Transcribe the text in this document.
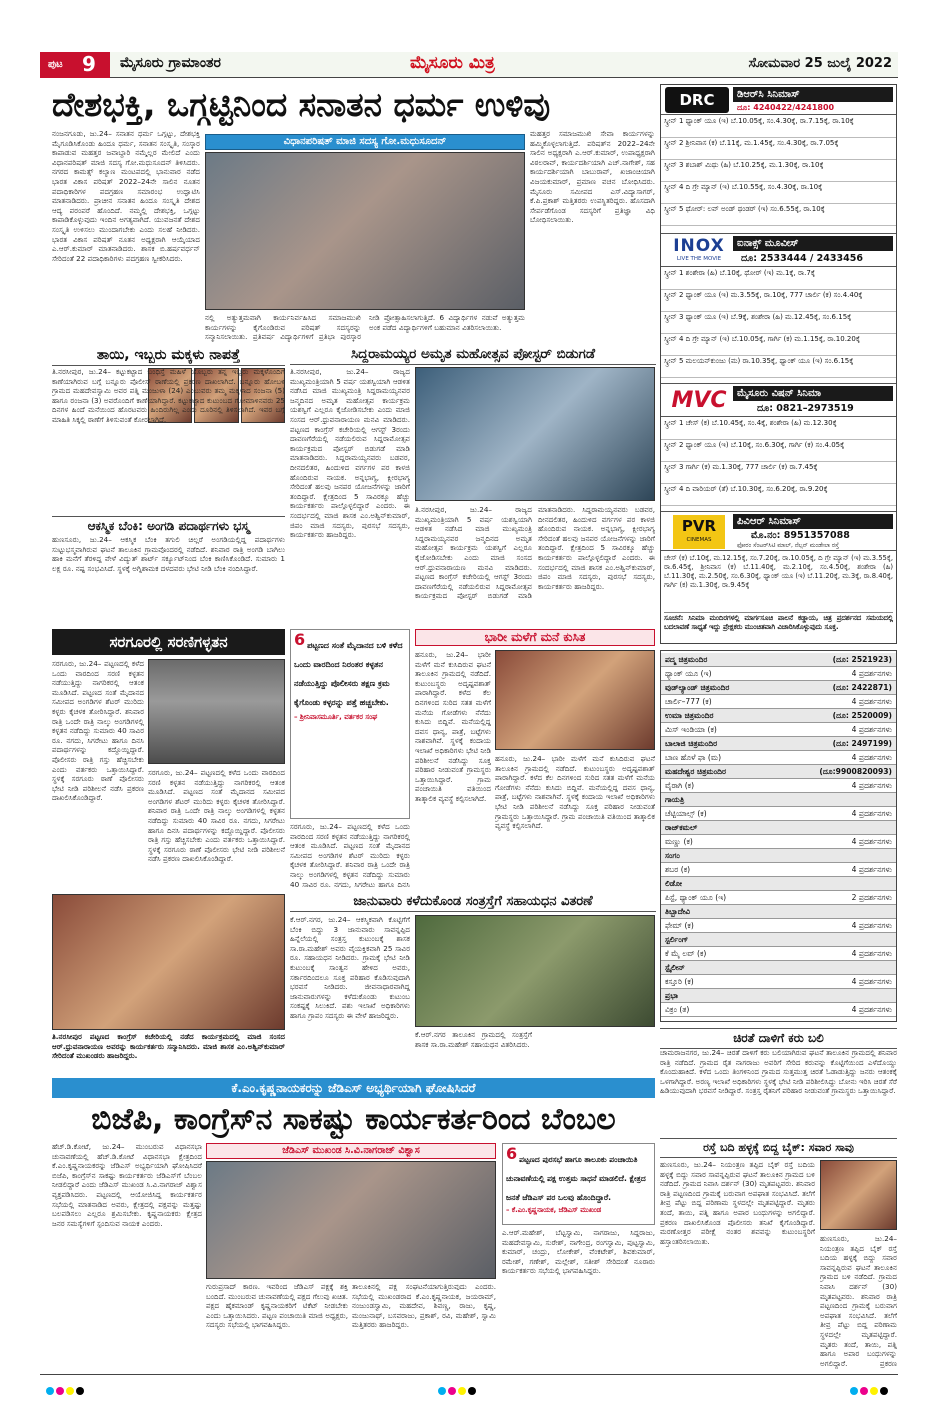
ಪುಟ 9 ಮೈಸೂರು ಗ್ರಾಮಾಂತರ	ಮೈಸೂರು ಮಿತ್ರ	ಸೋಮವಾರ 25 ಜುಲೈ 2022
ದೇಶಭಕ್ತಿ, ಒಗ್ಗಟ್ಟಿನಿಂದ ಸನಾತನ ಧರ್ಮ ಉಳಿವು
ವಿಧಾನಪರಿಷತ್ ಮಾಜಿ ಸದಸ್ಯ ಗೋ.ಮಧುಸೂದನ್
ನಂಜನಗೂಡು, ಜು.24– ಸನಾತನ ಧರ್ಮ ಒಗ್ಗಟ್ಟು, ದೇಶಭಕ್ತಿ ಮೈಗೂಡಿಸಿಕೊಂಡು ಹಿಂದೂ ಧರ್ಮ, ಸನಾತನ ಸಂಸ್ಕೃತಿ, ಸಂಸ್ಕಾರ ಕಾಪಾಡುವ ಮಹತ್ತರ ಜವಾಬ್ದಾರಿ ನಮ್ಮೆಲ್ಲರ ಮೇಲಿದೆ ಎಂದು ವಿಧಾನಪರಿಷತ್ ಮಾಜಿ ಸದಸ್ಯ ಗೋ.ಮಧುಸೂದನ್ ತಿಳಿಸಿದರು. ನಗರದ ಕಾಮತ್ಸ್ ಕಲ್ಯಾಣ ಮಂಟಪದಲ್ಲಿ ಭಾನುವಾರ ನಡೆದ ಭಾರತ ವಿಕಾಸ ಪರಿಷತ್ 2022–24ನೇ ಸಾಲಿನ ನೂತನ ಪದಾಧಿಕಾರಿಗಳ ಪದಗ್ರಹಣ ಸಮಾರಂಭ ಉದ್ಘಾಟಿಸಿ ಮಾತನಾಡಿದರು. ಪ್ರಾಚೀನ ಸನಾತನ ಹಿಂದೂ ಸಂಸ್ಕೃತಿ ದೇಶದ ಆದ್ಯ ಪರಂಪರೆ ಹೊಂದಿದೆ. ನಮ್ಮಲ್ಲಿ ದೇಶಭಕ್ತಿ, ಒಗ್ಗಟ್ಟು ಕಾಪಾಡಿಕೊಳ್ಳುವುದು ಇಂದಿನ ಅಗತ್ಯವಾಗಿದೆ. ಯುವಜನತೆ ದೇಶದ ಸಂಸ್ಕೃತಿ ಉಳಿಸಲು ಮುಂದಾಗಬೇಕು ಎಂದು ಸಲಹೆ ನೀಡಿದರು. ಭಾರತ ವಿಕಾಸ ಪರಿಷತ್ ನೂತನ ಅಧ್ಯಕ್ಷರಾಗಿ ಆಯ್ಕೆಯಾದ ಎ.ಆರ್.ಕುಮಾರ್ ಮಾತನಾಡಿದರು. ಶಾಸಕ ಬಿ.ಹರ್ಷವರ್ಧನ್ ಸೇರಿದಂತೆ 22 ಪದಾಧಿಕಾರಿಗಳು ಪದಗ್ರಹಣ ಸ್ವೀಕರಿಸಿದರು.
ನಲ್ಲಿ ಅತ್ಯುತ್ತಮವಾಗಿ ಕಾರ್ಯನಿರ್ವಹಿಸಿದ ಸಮಾಜಮುಖಿ ಕಾರ್ಯಗಳನ್ನು ಕೈಗೊಂಡಿರುವ ಪರಿಷತ್ ಸದಸ್ಯರನ್ನು ಸನ್ಮಾನಿಸಲಾಯಿತು. ಪ್ರತಿವರ್ಷ ವಿದ್ಯಾರ್ಥಿಗಳಿಗೆ ಪ್ರತಿಭಾ ಪುರಸ್ಕಾರ ನೀಡಿ ಪ್ರೋತ್ಸಾಹಿಸಲಾಗುತ್ತಿದೆ. 6 ವಿದ್ಯಾರ್ಥಿಗಳ ನಡುವೆ ಅತ್ಯುತ್ತಮ ಅಂಕ ಪಡೆದ ವಿದ್ಯಾರ್ಥಿಗಳಿಗೆ ಬಹುಮಾನ ವಿತರಿಸಲಾಯಿತು.
ಮಹತ್ತರ ಸಮಾಜಮುಖಿ ಸೇವಾ ಕಾರ್ಯಗಳನ್ನು ಹಮ್ಮಿಕೊಳ್ಳಲಾಗುತ್ತಿದೆ. ಪರಿಷತ್‌ನ 2022–24ನೇ ಸಾಲಿನ ಅಧ್ಯಕ್ಷರಾಗಿ ಎ.ಆರ್.ಕುಮಾರ್, ಉಪಾಧ್ಯಕ್ಷರಾಗಿ ವಿಠಲರಾವ್, ಕಾರ್ಯದರ್ಶಿಯಾಗಿ ಎಚ್.ನಾಗೇಶ್, ಸಹ ಕಾರ್ಯದರ್ಶಿಯಾಗಿ ಬಾಬುರಾವ್, ಖಜಾಂಚಿಯಾಗಿ ವಿಜಯಕುಮಾರ್, ಪ್ರಮಾಣ ವಚನ ಬೋಧಿಸಿದರು. ಮೈಸೂರು ಸಮೀಪದ ಎಸ್.ವಿದ್ಯಾಸಾಗರ್, ಕೆ.ಪಿ.ಪ್ರಕಾಶ್ ಮತ್ತಿತರರು ಉಪಸ್ಥಿತರಿದ್ದರು. ಹೊಸದಾಗಿ ಸೇರ್ಪಡೆಗೊಂಡ ಸದಸ್ಯರಿಗೆ ಪ್ರತಿಜ್ಞಾ ವಿಧಿ ಬೋಧಿಸಲಾಯಿತು.
ತಾಯಿ, ಇಬ್ಬರು ಮಕ್ಕಳು ನಾಪತ್ತೆ
ತಿ.ನರಸೀಪುರ, ಜು.24– ಕಟ್ಟುಕಟ್ಟಾದ ಬಂಧಿಸ್ತೆ ಮಹಿಳೆ ಯೊಬ್ಬರು ತನ್ನ ಇಬ್ಬರು ಮಕ್ಕಳೊಂದಿಗೆ ಕಾಣೆಯಾಗಿರುವ ಬಗ್ಗೆ ಬನ್ನೂರು ಪೊಲೀಸ್ ಠಾಣೆಯಲ್ಲಿ ಪ್ರಕರಣ ದಾಖಲಾಗಿದೆ. ಬನ್ನೂರು ಹೋಬಳಿ ಗ್ರಾಮದ ಮಹದೇವಸ್ವಾಮಿ ಅವರ ಪತ್ನಿ ಮಂಜುಳಾ (24) ಎಂಬುವರು ತಮ್ಮ ಮಕ್ಕಳಾದ ಸಂಜನಾ (5) ಹಾಗೂ ರಂಜನಾ (3) ಅವರೊಂದಿಗೆ ಕಾಣೆಯಾಗಿದ್ದಾರೆ. ಕಟ್ಟುಕಟ್ಟಾದ ಕುಟುಂಬದ ಗೋಮಾಳಿನವರು 25 ದಿನಗಳ ಹಿಂದೆ ಮನೆಯಿಂದ ಹೊರಟವರು ಹಿಂದಿರುಗಿಲ್ಲ ಎಂದು ದೂರಿನಲ್ಲಿ ತಿಳಿಸಲಾಗಿದೆ. ಇವರ ಬಗ್ಗೆ ಮಾಹಿತಿ ಸಿಕ್ಕಲ್ಲಿ ಠಾಣೆಗೆ ತಿಳಿಸುವಂತೆ ಕೋರಲಾಗಿದೆ.
ಆಕಸ್ಮಿಕ ಬೆಂಕಿ: ಅಂಗಡಿ ಪದಾರ್ಥಗಳು ಭಸ್ಮ
ಹುಣಸೂರು, ಜು.24– ಆಕಸ್ಮಿಕ ಬೆಂಕಿ ತಗುಲಿ ಚಿಲ್ಲರೆ ಅಂಗಡಿಯಲ್ಲಿದ್ದ ಪದಾರ್ಥಗಳು ಸುಟ್ಟುಭಸ್ಮವಾಗಿರುವ ಘಟನೆ ತಾಲೂಕಿನ ಗ್ರಾಮವೊಂದರಲ್ಲಿ ನಡೆದಿದೆ. ಶನಿವಾರ ರಾತ್ರಿ ಅಂಗಡಿ ಬಾಗಿಲು ಹಾಕಿ ಮನೆಗೆ ತೆರಳಿದ್ದ ವೇಳೆ ವಿದ್ಯುತ್ ಶಾರ್ಟ್ ಸರ್ಕ್ಯೂಟ್‌ನಿಂದ ಬೆಂಕಿ ಕಾಣಿಸಿಕೊಂಡಿದೆ. ಸುಮಾರು 1 ಲಕ್ಷ ರೂ. ನಷ್ಟ ಸಂಭವಿಸಿದೆ. ಸ್ಥಳಕ್ಕೆ ಅಗ್ನಿಶಾಮಕ ದಳದವರು ಭೇಟಿ ನೀಡಿ ಬೆಂಕಿ ನಂದಿಸಿದ್ದಾರೆ.
ಸಿದ್ದರಾಮಯ್ಯರ ಅಮೃತ ಮಹೋತ್ಸವ ಪೋಸ್ಟರ್ ಬಿಡುಗಡೆ
ತಿ.ನರಸೀಪುರ, ಜು.24– ರಾಜ್ಯದ ಮುಖ್ಯಮಂತ್ರಿಯಾಗಿ 5 ವರ್ಷ ಯಶಸ್ವಿಯಾಗಿ ಆಡಳಿತ ನಡೆಸಿದ ಮಾಜಿ ಮುಖ್ಯಮಂತ್ರಿ ಸಿದ್ದರಾಮಯ್ಯನವರ ಜನ್ಮದಿನದ ಅಮೃತ ಮಹೋತ್ಸವ ಕಾರ್ಯಕ್ರಮ ಯಶಸ್ವಿಗೆ ಎಲ್ಲರೂ ಕೈಜೋಡಿಸಬೇಕು ಎಂದು ಮಾಜಿ ಸಂಸದ ಆರ್.ಧ್ರುವನಾರಾಯಣ ಮನವಿ ಮಾಡಿದರು. ಪಟ್ಟಣದ ಕಾಂಗ್ರೆಸ್ ಕಚೇರಿಯಲ್ಲಿ ಆಗಸ್ಟ್ 3ರಂದು ದಾವಣಗೆರೆಯಲ್ಲಿ ನಡೆಯಲಿರುವ ಸಿದ್ದರಾಮೋತ್ಸವ ಕಾರ್ಯಕ್ರಮದ ಪೋಸ್ಟರ್ ಬಿಡುಗಡೆ ಮಾಡಿ ಮಾತನಾಡಿದರು. ಸಿದ್ದರಾಮಯ್ಯನವರು ಬಡವರ, ದೀನದಲಿತರ, ಹಿಂದುಳಿದ ವರ್ಗಗಳ ಪರ ಕಾಳಜಿ ಹೊಂದಿರುವ ನಾಯಕ. ಅನ್ನಭಾಗ್ಯ, ಕ್ಷೀರಭಾಗ್ಯ ಸೇರಿದಂತೆ ಹಲವು ಜನಪರ ಯೋಜನೆಗಳನ್ನು ಜಾರಿಗೆ ತಂದಿದ್ದಾರೆ. ಕ್ಷೇತ್ರದಿಂದ 5 ಸಾವಿರಕ್ಕೂ ಹೆಚ್ಚು ಕಾರ್ಯಕರ್ತರು ಪಾಲ್ಗೊಳ್ಳಲಿದ್ದಾರೆ ಎಂದರು. ಈ ಸಂದರ್ಭದಲ್ಲಿ ಮಾಜಿ ಶಾಸಕ ಎಂ.ಅಶ್ವಿನ್‌ಕುಮಾರ್, ಜಿಪಂ ಮಾಜಿ ಸದಸ್ಯರು, ಪುರಸಭೆ ಸದಸ್ಯರು, ಕಾರ್ಯಕರ್ತರು ಹಾಜರಿದ್ದರು.
ತಿ.ನರಸೀಪುರ, ಜು.24– ರಾಜ್ಯದ ಮುಖ್ಯಮಂತ್ರಿಯಾಗಿ 5 ವರ್ಷ ಯಶಸ್ವಿಯಾಗಿ ಆಡಳಿತ ನಡೆಸಿದ ಮಾಜಿ ಮುಖ್ಯಮಂತ್ರಿ ಸಿದ್ದರಾಮಯ್ಯನವರ ಜನ್ಮದಿನದ ಅಮೃತ ಮಹೋತ್ಸವ ಕಾರ್ಯಕ್ರಮ ಯಶಸ್ವಿಗೆ ಎಲ್ಲರೂ ಕೈಜೋಡಿಸಬೇಕು ಎಂದು ಮಾಜಿ ಸಂಸದ ಆರ್.ಧ್ರುವನಾರಾಯಣ ಮನವಿ ಮಾಡಿದರು. ಪಟ್ಟಣದ ಕಾಂಗ್ರೆಸ್ ಕಚೇರಿಯಲ್ಲಿ ಆಗಸ್ಟ್ 3ರಂದು ದಾವಣಗೆರೆಯಲ್ಲಿ ನಡೆಯಲಿರುವ ಸಿದ್ದರಾಮೋತ್ಸವ ಕಾರ್ಯಕ್ರಮದ ಪೋಸ್ಟರ್ ಬಿಡುಗಡೆ ಮಾಡಿ ಮಾತನಾಡಿದರು. ಸಿದ್ದರಾಮಯ್ಯನವರು ಬಡವರ, ದೀನದಲಿತರ, ಹಿಂದುಳಿದ ವರ್ಗಗಳ ಪರ ಕಾಳಜಿ ಹೊಂದಿರುವ ನಾಯಕ. ಅನ್ನಭಾಗ್ಯ, ಕ್ಷೀರಭಾಗ್ಯ ಸೇರಿದಂತೆ ಹಲವು ಜನಪರ ಯೋಜನೆಗಳನ್ನು ಜಾರಿಗೆ ತಂದಿದ್ದಾರೆ. ಕ್ಷೇತ್ರದಿಂದ 5 ಸಾವಿರಕ್ಕೂ ಹೆಚ್ಚು ಕಾರ್ಯಕರ್ತರು ಪಾಲ್ಗೊಳ್ಳಲಿದ್ದಾರೆ ಎಂದರು. ಈ ಸಂದರ್ಭದಲ್ಲಿ ಮಾಜಿ ಶಾಸಕ ಎಂ.ಅಶ್ವಿನ್‌ಕುಮಾರ್, ಜಿಪಂ ಮಾಜಿ ಸದಸ್ಯರು, ಪುರಸಭೆ ಸದಸ್ಯರು, ಕಾರ್ಯಕರ್ತರು ಹಾಜರಿದ್ದರು.
ಸರಗೂರಲ್ಲಿ ಸರಣಿಗಳ್ಳತನ
ಸರಗೂರು, ಜು.24– ಪಟ್ಟಣದಲ್ಲಿ ಕಳೆದ ಒಂದು ವಾರದಿಂದ ಸರಣಿ ಕಳ್ಳತನ ನಡೆಯುತ್ತಿದ್ದು ನಾಗರಿಕರಲ್ಲಿ ಆತಂಕ ಮೂಡಿಸಿದೆ. ಪಟ್ಟಣದ ಸಂತೆ ಮೈದಾನದ ಸಮೀಪದ ಅಂಗಡಿಗಳ ಶೆಟರ್ ಮುರಿದು ಕಳ್ಳರು ಕೈಚಳಕ ತೋರಿಸಿದ್ದಾರೆ. ಶನಿವಾರ ರಾತ್ರಿ ಒಂದೇ ರಾತ್ರಿ ನಾಲ್ಕು ಅಂಗಡಿಗಳಲ್ಲಿ ಕಳ್ಳತನ ನಡೆದಿದ್ದು ಸುಮಾರು 40 ಸಾವಿರ ರೂ. ನಗದು, ಸಿಗರೇಟು ಹಾಗೂ ದಿನಸಿ ಪದಾರ್ಥಗಳನ್ನು ಕದ್ದೊಯ್ದಿದ್ದಾರೆ. ಪೊಲೀಸರು ರಾತ್ರಿ ಗಸ್ತು ಹೆಚ್ಚಿಸಬೇಕು ಎಂದು ವರ್ತಕರು ಒತ್ತಾಯಿಸಿದ್ದಾರೆ. ಸ್ಥಳಕ್ಕೆ ಸರಗೂರು ಠಾಣೆ ಪೊಲೀಸರು ಭೇಟಿ ನೀಡಿ ಪರಿಶೀಲನೆ ನಡೆಸಿ ಪ್ರಕರಣ ದಾಖಲಿಸಿಕೊಂಡಿದ್ದಾರೆ.
ಸರಗೂರು, ಜು.24– ಪಟ್ಟಣದಲ್ಲಿ ಕಳೆದ ಒಂದು ವಾರದಿಂದ ಸರಣಿ ಕಳ್ಳತನ ನಡೆಯುತ್ತಿದ್ದು ನಾಗರಿಕರಲ್ಲಿ ಆತಂಕ ಮೂಡಿಸಿದೆ. ಪಟ್ಟಣದ ಸಂತೆ ಮೈದಾನದ ಸಮೀಪದ ಅಂಗಡಿಗಳ ಶೆಟರ್ ಮುರಿದು ಕಳ್ಳರು ಕೈಚಳಕ ತೋರಿಸಿದ್ದಾರೆ. ಶನಿವಾರ ರಾತ್ರಿ ಒಂದೇ ರಾತ್ರಿ ನಾಲ್ಕು ಅಂಗಡಿಗಳಲ್ಲಿ ಕಳ್ಳತನ ನಡೆದಿದ್ದು ಸುಮಾರು 40 ಸಾವಿರ ರೂ. ನಗದು, ಸಿಗರೇಟು ಹಾಗೂ ದಿನಸಿ ಪದಾರ್ಥಗಳನ್ನು ಕದ್ದೊಯ್ದಿದ್ದಾರೆ. ಪೊಲೀಸರು ರಾತ್ರಿ ಗಸ್ತು ಹೆಚ್ಚಿಸಬೇಕು ಎಂದು ವರ್ತಕರು ಒತ್ತಾಯಿಸಿದ್ದಾರೆ. ಸ್ಥಳಕ್ಕೆ ಸರಗೂರು ಠಾಣೆ ಪೊಲೀಸರು ಭೇಟಿ ನೀಡಿ ಪರಿಶೀಲನೆ ನಡೆಸಿ ಪ್ರಕರಣ ದಾಖಲಿಸಿಕೊಂಡಿದ್ದಾರೆ.
6 ಪಟ್ಟಣದ ಸಂತೆ ಮೈದಾನದ ಬಳಿ ಕಳೆದ ಒಂದು ವಾರದಿಂದ ನಿರಂತರ ಕಳ್ಳತನ ನಡೆಯುತ್ತಿದ್ದು ಪೊಲೀಸರು ತಕ್ಷಣ ಕ್ರಮ ಕೈಗೊಂಡು ಕಳ್ಳರನ್ನು ಪತ್ತೆ ಹಚ್ಚಬೇಕು.
– ಶ್ರೀನಿವಾಸಮೂರ್ತಿ, ವರ್ತಕರ ಸಂಘ
ಸರಗೂರು, ಜು.24– ಪಟ್ಟಣದಲ್ಲಿ ಕಳೆದ ಒಂದು ವಾರದಿಂದ ಸರಣಿ ಕಳ್ಳತನ ನಡೆಯುತ್ತಿದ್ದು ನಾಗರಿಕರಲ್ಲಿ ಆತಂಕ ಮೂಡಿಸಿದೆ. ಪಟ್ಟಣದ ಸಂತೆ ಮೈದಾನದ ಸಮೀಪದ ಅಂಗಡಿಗಳ ಶೆಟರ್ ಮುರಿದು ಕಳ್ಳರು ಕೈಚಳಕ ತೋರಿಸಿದ್ದಾರೆ. ಶನಿವಾರ ರಾತ್ರಿ ಒಂದೇ ರಾತ್ರಿ ನಾಲ್ಕು ಅಂಗಡಿಗಳಲ್ಲಿ ಕಳ್ಳತನ ನಡೆದಿದ್ದು ಸುಮಾರು 40 ಸಾವಿರ ರೂ. ನಗದು, ಸಿಗರೇಟು ಹಾಗೂ ದಿನಸಿ
ಭಾರೀ ಮಳೆಗೆ ಮನೆ ಕುಸಿತ
ಹನೂರು, ಜು.24– ಭಾರೀ ಮಳೆಗೆ ಮನೆ ಕುಸಿದಿರುವ ಘಟನೆ ತಾಲೂಕಿನ ಗ್ರಾಮದಲ್ಲಿ ನಡೆದಿದೆ. ಕುಟುಂಬಸ್ಥರು ಅದೃಷ್ಟವಶಾತ್ ಪಾರಾಗಿದ್ದಾರೆ. ಕಳೆದ ಕೆಲ ದಿನಗಳಿಂದ ಸುರಿದ ಸತತ ಮಳೆಗೆ ಮನೆಯ ಗೋಡೆಗಳು ನೆನೆದು ಕುಸಿದು ಬಿದ್ದಿವೆ. ಮನೆಯಲ್ಲಿದ್ದ ದವಸ ಧಾನ್ಯ, ಪಾತ್ರೆ, ಬಟ್ಟೆಗಳು ನಾಶವಾಗಿವೆ. ಸ್ಥಳಕ್ಕೆ ಕಂದಾಯ ಇಲಾಖೆ ಅಧಿಕಾರಿಗಳು ಭೇಟಿ ನೀಡಿ ಪರಿಶೀಲನೆ ನಡೆಸಿದ್ದು ಸೂಕ್ತ ಪರಿಹಾರ ನೀಡುವಂತೆ ಗ್ರಾಮಸ್ಥರು ಒತ್ತಾಯಿಸಿದ್ದಾರೆ. ಗ್ರಾಮ ಪಂಚಾಯಿತಿ ವತಿಯಿಂದ ತಾತ್ಕಾಲಿಕ ವ್ಯವಸ್ಥೆ ಕಲ್ಪಿಸಲಾಗಿದೆ.
ಹನೂರು, ಜು.24– ಭಾರೀ ಮಳೆಗೆ ಮನೆ ಕುಸಿದಿರುವ ಘಟನೆ ತಾಲೂಕಿನ ಗ್ರಾಮದಲ್ಲಿ ನಡೆದಿದೆ. ಕುಟುಂಬಸ್ಥರು ಅದೃಷ್ಟವಶಾತ್ ಪಾರಾಗಿದ್ದಾರೆ. ಕಳೆದ ಕೆಲ ದಿನಗಳಿಂದ ಸುರಿದ ಸತತ ಮಳೆಗೆ ಮನೆಯ ಗೋಡೆಗಳು ನೆನೆದು ಕುಸಿದು ಬಿದ್ದಿವೆ. ಮನೆಯಲ್ಲಿದ್ದ ದವಸ ಧಾನ್ಯ, ಪಾತ್ರೆ, ಬಟ್ಟೆಗಳು ನಾಶವಾಗಿವೆ. ಸ್ಥಳಕ್ಕೆ ಕಂದಾಯ ಇಲಾಖೆ ಅಧಿಕಾರಿಗಳು ಭೇಟಿ ನೀಡಿ ಪರಿಶೀಲನೆ ನಡೆಸಿದ್ದು ಸೂಕ್ತ ಪರಿಹಾರ ನೀಡುವಂತೆ ಗ್ರಾಮಸ್ಥರು ಒತ್ತಾಯಿಸಿದ್ದಾರೆ. ಗ್ರಾಮ ಪಂಚಾಯಿತಿ ವತಿಯಿಂದ ತಾತ್ಕಾಲಿಕ ವ್ಯವಸ್ಥೆ ಕಲ್ಪಿಸಲಾಗಿದೆ.
DRC	ಡಿಆರ್‌ಸಿ ಸಿನಿಮಾಸ್
ದೂ: 4240422/4241800
ಸ್ಕ್ರೀನ್ 1 ಥ್ಯಾಂಕ್ ಯೂ (ಇ) ಬೆ.10.05ಕ್ಕೆ, ಸಂ.4.30ಕ್ಕೆ, ರಾ.7.15ಕ್ಕೆ, ರಾ.10ಕ್ಕೆ
ಸ್ಕ್ರೀನ್ 2 ಶ್ರೀನಿವಾಸ (ಕ) ಬೆ.11ಕ್ಕೆ, ಮ.1.45ಕ್ಕೆ, ಸಂ.4.30ಕ್ಕೆ, ರಾ.7.05ಕ್ಕೆ
ಸ್ಕ್ರೀನ್ 3 ಶಬಾಶ್ ಮಿಥು (ಹಿ) ಬೆ.10.25ಕ್ಕೆ, ಮ.1.30ಕ್ಕೆ, ರಾ.10ಕ್ಕೆ
ಸ್ಕ್ರೀನ್ 4 ದಿ ಗ್ರೇ ಮ್ಯಾನ್ (ಇ) ಬೆ.10.55ಕ್ಕೆ, ಸಂ.4.30ಕ್ಕೆ, ರಾ.10ಕ್ಕೆ
ಸ್ಕ್ರೀನ್ 5 ಥೋರ್: ಲವ್ ಅಂಡ್ ಥಂಡರ್ (ಇ) ಸಂ.6.55ಕ್ಕೆ, ರಾ.10ಕ್ಕೆ
INOX
LIVE THE MOVIE
ಐನಾಕ್ಸ್ ಮೂವೀಸ್
ದೂ: 2533444 / 2433456
ಸ್ಕ್ರೀನ್ 1 ಶಂಶೇರಾ (ಹಿ) ಬೆ.10ಕ್ಕೆ, ಥೋರ್ (ಇ) ಮ.1ಕ್ಕೆ, ರಾ.7ಕ್ಕೆ
ಸ್ಕ್ರೀನ್ 2 ಥ್ಯಾಂಕ್ ಯೂ (ಇ) ಮ.3.55ಕ್ಕೆ, ರಾ.10ಕ್ಕೆ, 777 ಚಾರ್ಲಿ (ಕ) ಸಂ.4.40ಕ್ಕೆ
ಸ್ಕ್ರೀನ್ 3 ಥ್ಯಾಂಕ್ ಯೂ (ಇ) ಬೆ.9ಕ್ಕೆ, ಶಂಶೇರಾ (ಹಿ) ಮ.12.45ಕ್ಕೆ, ಸಂ.6.15ಕ್ಕೆ
ಸ್ಕ್ರೀನ್ 4 ದಿ ಗ್ರೇ ಮ್ಯಾನ್ (ಇ) ಬೆ.10.05ಕ್ಕೆ, ಗಾರ್ಗಿ (ಕ) ಮ.1.15ಕ್ಕೆ, ರಾ.10.20ಕ್ಕೆ
ಸ್ಕ್ರೀನ್ 5 ಮಲಯನ್‌ಕುಂಜು (ಮ) ರಾ.10.35ಕ್ಕೆ, ಥ್ಯಾಂಕ್ ಯೂ (ಇ) ಸಂ.6.15ಕ್ಕೆ
MVC	ಮೈಸೂರು ವಿಷನ್ ಸಿನಿಮಾ
ದೂ: 0821–2973519
ಸ್ಕ್ರೀನ್ 1 ಚೇಸ್ (ಕ) ಬೆ.10.45ಕ್ಕೆ, ಸಂ.4ಕ್ಕೆ, ಶಂಶೇರಾ (ಹಿ) ಮ.12.30ಕ್ಕೆ
ಸ್ಕ್ರೀನ್ 2 ಥ್ಯಾಂಕ್ ಯೂ (ಇ) ಬೆ.10ಕ್ಕೆ, ಸಂ.6.30ಕ್ಕೆ, ಗಾರ್ಗಿ (ಕ) ಸಂ.4.05ಕ್ಕೆ
ಸ್ಕ್ರೀನ್ 3 ಗಾರ್ಗಿ (ಕ) ಮ.1.30ಕ್ಕೆ, 777 ಚಾರ್ಲಿ (ಕ) ರಾ.7.45ಕ್ಕೆ
ಸ್ಕ್ರೀನ್ 4 ದಿ ವಾರಿಯರ್ (ತೆ) ಬೆ.10.30ಕ್ಕೆ, ಸಂ.6.20ಕ್ಕೆ, ರಾ.9.20ಕ್ಕೆ
PVR
CINEMAS
ಪಿವಿಆರ್ ಸಿನಿಮಾಸ್
ಮೊ.ನಂ: 8951357088
ಫೋರಂ ಸೆಂಟರ್‌ಸಿಟಿ ಮಾಲ್, ನೆಲ್ಸನ್ ಮಂಡೇಲಾ ರಸ್ತೆ
ಚೇಸ್ (ಕ) ಬೆ.10ಕ್ಕೆ, ಮ.12.15ಕ್ಕೆ, ಸಂ.7.20ಕ್ಕೆ, ರಾ.10.05ಕ್ಕೆ, ದಿ ಗ್ರೇ ಮ್ಯಾನ್ (ಇ) ಮ.3.55ಕ್ಕೆ, ರಾ.6.45ಕ್ಕೆ, ಶ್ರೀನಿವಾಸ (ಕ) ಬೆ.11.40ಕ್ಕೆ, ಮ.2.10ಕ್ಕೆ, ಸಂ.4.50ಕ್ಕೆ, ಶಂಶೇರಾ (ಹಿ) ಬೆ.11.30ಕ್ಕೆ, ಮ.2.50ಕ್ಕೆ, ಸಂ.6.30ಕ್ಕೆ, ಥ್ಯಾಂಕ್ ಯೂ (ಇ) ಬೆ.11.20ಕ್ಕೆ, ಮ.3ಕ್ಕೆ, ರಾ.8.40ಕ್ಕೆ, ಗಾರ್ಗಿ (ಕ) ಮ.1.30ಕ್ಕೆ, ರಾ.9.45ಕ್ಕೆ
ಸೂಚನೆ: ಸಿನಿಮಾ ಮಂದಿರಗಳಲ್ಲಿ ಮಾರ್ಗಸೂಚಿ ಪಾಲನೆ ಕಡ್ಡಾಯ, ಚಿತ್ರ ಪ್ರದರ್ಶನದ ಸಮಯದಲ್ಲಿ ಬದಲಾವಣೆ ಸಾಧ್ಯತೆ ಇದ್ದು ಪ್ರೇಕ್ಷಕರು ಮುಂಚಿತವಾಗಿ ವಿಚಾರಿಸಿಕೊಳ್ಳುವುದು ಸೂಕ್ತ.
ಪದ್ಮ ಚಿತ್ರಮಂದಿರ	(ದೂ: 2521923)
ಥ್ಯಾಂಕ್ ಯೂ (ಇ)	4 ಪ್ರದರ್ಶನಗಳು
ವುಡ್‌ಲ್ಯಾಂಡ್ ಚಿತ್ರಮಂದಿರ	(ದೂ: 2422871)
ಚಾರ್ಲಿ–777 (ಕ)	4 ಪ್ರದರ್ಶನಗಳು
ಉಮಾ ಚಿತ್ರಮಂದಿರ	(ದೂ: 2520009)
ಮಿಸ್ ಇಂಡಿಯಾ (ಕ)	4 ಪ್ರದರ್ಶನಗಳು
ಬಾಲಾಜಿ ಚಿತ್ರಮಂದಿರ	(ದೂ: 2497199)
ಬಾಣ ಹೊಳೆ ಫಾ (ಮ)	4 ಪ್ರದರ್ಶನಗಳು
ಮಹದೇಶ್ವರ ಚಿತ್ರಮಂದಿರ	(ದೂ:9900820093)
ವೈರಾಗಿ (ಕ)	4 ಪ್ರದರ್ಶನಗಳು
ಗಾಯತ್ರಿ
ಚೆಟ್ಟಿಯಾಲ್ಸ್ (ಕ)	4 ಪ್ರದರ್ಶನಗಳು
ರಾಜ್‌ಕಮಲ್
ಮಣ್ಣು (ಕ)	4 ಪ್ರದರ್ಶನಗಳು
ಸಂಗಂ
ಶಬರ (ಕ)	4 ಪ್ರದರ್ಶನಗಳು
ಲಿಡೋ
ಪಿಸ್ಟೆ, ಥ್ಯಾಂಕ್ ಯೂ (ಇ)	2 ಪ್ರದರ್ಶನಗಳು
ತಿಬ್ಬಾದೇವಿ
ಫೇಮ್ (ಕ)	4 ಪ್ರದರ್ಶನಗಳು
ಸ್ಟರ್ಲಿಂಗ್
ಕೆ ಮೈ ಲವ್ (ಕ)	4 ಪ್ರದರ್ಶನಗಳು
ಸ್ಟೈಲೀನ್
ಕಸ್ತೂರಿ (ಕ)	4 ಪ್ರದರ್ಶನಗಳು
ಪ್ರಭಾ
ವಿಕ್ರಂ (ತ)	4 ಪ್ರದರ್ಶನಗಳು
ಜಾನುವಾರು ಕಳೆದುಕೊಂಡ ಸಂತ್ರಸ್ತೆಗೆ ಸಹಾಯಧನ ವಿತರಣೆ
ಕೆ.ಆರ್.ನಗರ, ಜು.24– ಆಕಸ್ಮಿಕವಾಗಿ ಕೊಟ್ಟಿಗೆಗೆ ಬೆಂಕಿ ಬಿದ್ದು 3 ಜಾನುವಾರು ಸಾವನ್ನಪ್ಪಿದ ಹಿನ್ನೆಲೆಯಲ್ಲಿ ಸಂತ್ರಸ್ತ ಕುಟುಂಬಕ್ಕೆ ಶಾಸಕ ಸಾ.ರಾ.ಮಹೇಶ್ ಅವರು ವೈಯಕ್ತಿಕವಾಗಿ 25 ಸಾವಿರ ರೂ. ಸಹಾಯಧನ ನೀಡಿದರು. ಗ್ರಾಮಕ್ಕೆ ಭೇಟಿ ನೀಡಿ ಕುಟುಂಬಕ್ಕೆ ಸಾಂತ್ವನ ಹೇಳಿದ ಅವರು, ಸರ್ಕಾರದಿಂದಲೂ ಸೂಕ್ತ ಪರಿಹಾರ ಕೊಡಿಸುವುದಾಗಿ ಭರವಸೆ ನೀಡಿದರು. ಜೀವನಾಧಾರವಾಗಿದ್ದ ಜಾನುವಾರುಗಳನ್ನು ಕಳೆದುಕೊಂಡು ಕುಟುಂಬ ಸಂಕಷ್ಟಕ್ಕೆ ಸಿಲುಕಿದೆ. ಪಶು ಇಲಾಖೆ ಅಧಿಕಾರಿಗಳು ಹಾಗೂ ಗ್ರಾಪಂ ಸದಸ್ಯರು ಈ ವೇಳೆ ಹಾಜರಿದ್ದರು.
ಕೆ.ಆರ್.ನಗರ ತಾಲೂಕಿನ ಗ್ರಾಮದಲ್ಲಿ ಸಂತ್ರಸ್ತೆಗೆ ಶಾಸಕ ಸಾ.ರಾ.ಮಹೇಶ್ ಸಹಾಯಧನ ವಿತರಿಸಿದರು.
ತಿ.ನರಸೀಪುರ ಪಟ್ಟಣದ ಕಾಂಗ್ರೆಸ್ ಕಚೇರಿಯಲ್ಲಿ ನಡೆದ ಕಾರ್ಯಕ್ರಮದಲ್ಲಿ ಮಾಜಿ ಸಂಸದ ಆರ್.ಧ್ರುವನಾರಾಯಣ ಅವರನ್ನು ಕಾರ್ಯಕರ್ತರು ಸನ್ಮಾನಿಸಿದರು. ಮಾಜಿ ಶಾಸಕ ಎಂ.ಅಶ್ವಿನ್‌ಕುಮಾರ್ ಸೇರಿದಂತೆ ಮುಖಂಡರು ಹಾಜರಿದ್ದರು.
ಚಿರತೆ ದಾಳಿಗೆ ಕರು ಬಲಿ
ಚಾಮರಾಜನಗರ, ಜು.24– ಚಿರತೆ ದಾಳಿಗೆ ಕರು ಬಲಿಯಾಗಿರುವ ಘಟನೆ ತಾಲೂಕಿನ ಗ್ರಾಮದಲ್ಲಿ ಶನಿವಾರ ರಾತ್ರಿ ನಡೆದಿದೆ. ಗ್ರಾಮದ ರೈತ ನಾಗರಾಜು ಅವರಿಗೆ ಸೇರಿದ ಕರುವನ್ನು ಕೊಟ್ಟಿಗೆಯಿಂದ ಎಳೆದೊಯ್ದು ಕೊಂದುಹಾಕಿದೆ. ಕಳೆದ ಒಂದು ತಿಂಗಳಿನಿಂದ ಗ್ರಾಮದ ಸುತ್ತಮುತ್ತ ಚಿರತೆ ಓಡಾಡುತ್ತಿದ್ದು ಜನರು ಆತಂಕಕ್ಕೆ ಒಳಗಾಗಿದ್ದಾರೆ. ಅರಣ್ಯ ಇಲಾಖೆ ಅಧಿಕಾರಿಗಳು ಸ್ಥಳಕ್ಕೆ ಭೇಟಿ ನೀಡಿ ಪರಿಶೀಲಿಸಿದ್ದು ಬೋನು ಇರಿಸಿ ಚಿರತೆ ಸೆರೆ ಹಿಡಿಯುವುದಾಗಿ ಭರವಸೆ ನೀಡಿದ್ದಾರೆ. ಸಂತ್ರಸ್ತ ರೈತನಿಗೆ ಪರಿಹಾರ ನೀಡುವಂತೆ ಗ್ರಾಮಸ್ಥರು ಒತ್ತಾಯಿಸಿದ್ದಾರೆ.
ರಸ್ತೆ ಬದಿ ಹಳ್ಳಕ್ಕೆ ಬಿದ್ದ ಬೈಕ್: ಸವಾರ ಸಾವು
ಹುಣಸೂರು, ಜು.24– ನಿಯಂತ್ರಣ ತಪ್ಪಿದ ಬೈಕ್ ರಸ್ತೆ ಬದಿಯ ಹಳ್ಳಕ್ಕೆ ಬಿದ್ದು ಸವಾರ ಸಾವನ್ನಪ್ಪಿರುವ ಘಟನೆ ತಾಲೂಕಿನ ಗ್ರಾಮದ ಬಳಿ ನಡೆದಿದೆ. ಗ್ರಾಮದ ನಿವಾಸಿ ದರ್ಶನ್ (30) ಮೃತಪಟ್ಟವರು. ಶನಿವಾರ ರಾತ್ರಿ ಪಟ್ಟಣದಿಂದ ಗ್ರಾಮಕ್ಕೆ ಬರುವಾಗ ಅಪಘಾತ ಸಂಭವಿಸಿದೆ. ತಲೆಗೆ ತೀವ್ರ ಪೆಟ್ಟು ಬಿದ್ದ ಪರಿಣಾಮ ಸ್ಥಳದಲ್ಲೇ ಮೃತಪಟ್ಟಿದ್ದಾರೆ. ಮೃತರು ತಂದೆ, ತಾಯಿ, ಪತ್ನಿ ಹಾಗೂ ಅಪಾರ ಬಂಧುಗಳನ್ನು ಅಗಲಿದ್ದಾರೆ. ಪ್ರಕರಣ ದಾಖಲಿಸಿಕೊಂಡ ಪೊಲೀಸರು ತನಿಖೆ ಕೈಗೊಂಡಿದ್ದಾರೆ. ಮರಣೋತ್ತರ ಪರೀಕ್ಷೆ ನಂತರ ಶವವನ್ನು ಕುಟುಂಬಸ್ಥರಿಗೆ ಹಸ್ತಾಂತರಿಸಲಾಯಿತು.	ಹುಣಸೂರು, ಜು.24– ನಿಯಂತ್ರಣ ತಪ್ಪಿದ ಬೈಕ್ ರಸ್ತೆ ಬದಿಯ ಹಳ್ಳಕ್ಕೆ ಬಿದ್ದು ಸವಾರ ಸಾವನ್ನಪ್ಪಿರುವ ಘಟನೆ ತಾಲೂಕಿನ ಗ್ರಾಮದ ಬಳಿ ನಡೆದಿದೆ. ಗ್ರಾಮದ ನಿವಾಸಿ ದರ್ಶನ್ (30) ಮೃತಪಟ್ಟವರು. ಶನಿವಾರ ರಾತ್ರಿ ಪಟ್ಟಣದಿಂದ ಗ್ರಾಮಕ್ಕೆ ಬರುವಾಗ ಅಪಘಾತ ಸಂಭವಿಸಿದೆ. ತಲೆಗೆ ತೀವ್ರ ಪೆಟ್ಟು ಬಿದ್ದ ಪರಿಣಾಮ ಸ್ಥಳದಲ್ಲೇ ಮೃತಪಟ್ಟಿದ್ದಾರೆ. ಮೃತರು ತಂದೆ, ತಾಯಿ, ಪತ್ನಿ ಹಾಗೂ ಅಪಾರ ಬಂಧುಗಳನ್ನು ಅಗಲಿದ್ದಾರೆ. ಪ್ರಕರಣ
ಕೆ.ಎಂ.ಕೃಷ್ಣನಾಯಕರನ್ನು ಜೆಡಿಎಸ್ ಅಭ್ಯರ್ಥಿಯಾಗಿ ಘೋಷಿಸಿದರೆ
ಬಿಜೆಪಿ, ಕಾಂಗ್ರೆಸ್‌ನ ಸಾಕಷ್ಟು ಕಾರ್ಯಕರ್ತರಿಂದ ಬೆಂಬಲ
ಹೆಚ್.ಡಿ.ಕೋಟೆ, ಜು.24– ಮುಂಬರುವ ವಿಧಾನಸಭಾ ಚುನಾವಣೆಯಲ್ಲಿ ಹೆಚ್.ಡಿ.ಕೋಟೆ ವಿಧಾನಸಭಾ ಕ್ಷೇತ್ರದಿಂದ ಕೆ.ಎಂ.ಕೃಷ್ಣನಾಯಕರನ್ನು ಜೆಡಿಎಸ್ ಅಭ್ಯರ್ಥಿಯಾಗಿ ಘೋಷಿಸಿದರೆ ಬಿಜೆಪಿ, ಕಾಂಗ್ರೆಸ್‌ನ ಸಾಕಷ್ಟು ಕಾರ್ಯಕರ್ತರು ಜೆಡಿಎಸ್‌ಗೆ ಬೆಂಬಲ ನೀಡಲಿದ್ದಾರೆ ಎಂದು ಜೆಡಿಎಸ್ ಮುಖಂಡ ಸಿ.ವಿ.ನಾಗರಾಜ್ ವಿಶ್ವಾಸ ವ್ಯಕ್ತಪಡಿಸಿದರು. ಪಟ್ಟಣದಲ್ಲಿ ಆಯೋಜಿಸಿದ್ದ ಕಾರ್ಯಕರ್ತರ ಸಭೆಯಲ್ಲಿ ಮಾತನಾಡಿದ ಅವರು, ಕ್ಷೇತ್ರದಲ್ಲಿ ಪಕ್ಷವನ್ನು ಮತ್ತಷ್ಟು ಬಲಪಡಿಸಲು ಎಲ್ಲರೂ ಶ್ರಮಿಸಬೇಕು. ಕೃಷ್ಣನಾಯಕರು ಕ್ಷೇತ್ರದ ಜನರ ಸಮಸ್ಯೆಗಳಿಗೆ ಸ್ಪಂದಿಸುವ ನಾಯಕ ಎಂದರು.
ಜೆಡಿಎಸ್ ಮುಖಂಡ ಸಿ.ವಿ.ನಾಗರಾಜ್ ವಿಶ್ವಾಸ
ಗುರುಪ್ರಸಾದ್ ಕಾರಣ. ಇವರಿಂದ ಜೆಡಿಎಸ್ ಪಕ್ಷಕ್ಕೆ ಶಕ್ತಿ ಬಂದಿದೆ. ಮುಂಬರುವ ಚುನಾವಣೆಯಲ್ಲಿ ಪಕ್ಷದ ಗೆಲುವು ಖಚಿತ. ಪಕ್ಷದ ಹೈಕಮಾಂಡ್ ಕೃಷ್ಣನಾಯಕರಿಗೆ ಟಿಕೆಟ್ ನೀಡಬೇಕು ಎಂದು ಒತ್ತಾಯಿಸಿದರು. ಪಟ್ಟಣ ಪಂಚಾಯಿತಿ ಮಾಜಿ ಅಧ್ಯಕ್ಷರು, ಸದಸ್ಯರು ಸಭೆಯಲ್ಲಿ ಭಾಗವಹಿಸಿದ್ದರು.
ತಾಲೂಕಿನಲ್ಲಿ ಪಕ್ಷ ಸಂಘಟನೆಯಾಗುತ್ತಿರುವುದು ಎಂದರು. ಸಭೆಯಲ್ಲಿ ಮುಖಂಡರಾದ ಕೆ.ಎಂ.ಕೃಷ್ಣನಾಯಕ, ಜಯರಾಮ್, ನಂಜುಂಡಸ್ವಾಮಿ, ಮಹದೇವ, ಶಿವಣ್ಣ, ರಾಜು, ಕೃಷ್ಣ, ಮಂಜುನಾಥ್, ಬಸವರಾಜು, ಪ್ರಕಾಶ್, ರವಿ, ಮಹೇಶ್, ಸ್ವಾಮಿ ಮತ್ತಿತರರು ಹಾಜರಿದ್ದರು.
6 ಪಟ್ಟಣದ ಪುರಸಭೆ ಹಾಗೂ ತಾಲೂಕು ಪಂಚಾಯಿತಿ ಚುನಾವಣೆಯಲ್ಲಿ ಪಕ್ಷ ಉತ್ತಮ ಸಾಧನೆ ಮಾಡಲಿದೆ. ಕ್ಷೇತ್ರದ ಜನತೆ ಜೆಡಿಎಸ್ ಪರ ಒಲವು ಹೊಂದಿದ್ದಾರೆ.
– ಕೆ.ಎಂ.ಕೃಷ್ಣನಾಯಕ, ಜೆಡಿಎಸ್ ಮುಖಂಡ
ಎ.ಆರ್.ಮಹೇಶ್, ಬೆಟ್ಟಸ್ವಾಮಿ, ನಾಗರಾಜು, ಸಿದ್ದರಾಜು, ಮಹದೇವಸ್ವಾಮಿ, ಸುರೇಶ್, ನಾಗೇಂದ್ರ, ರಂಗಸ್ವಾಮಿ, ಪುಟ್ಟಸ್ವಾಮಿ, ಕುಮಾರ್, ಚಂದ್ರು, ಲೋಕೇಶ್, ವೆಂಕಟೇಶ್, ಶಿವಕುಮಾರ್, ರಮೇಶ್, ಗಣೇಶ್, ಮಲ್ಲೇಶ್, ಸತೀಶ್ ಸೇರಿದಂತೆ ನೂರಾರು ಕಾರ್ಯಕರ್ತರು ಸಭೆಯಲ್ಲಿ ಭಾಗವಹಿಸಿದ್ದರು.
